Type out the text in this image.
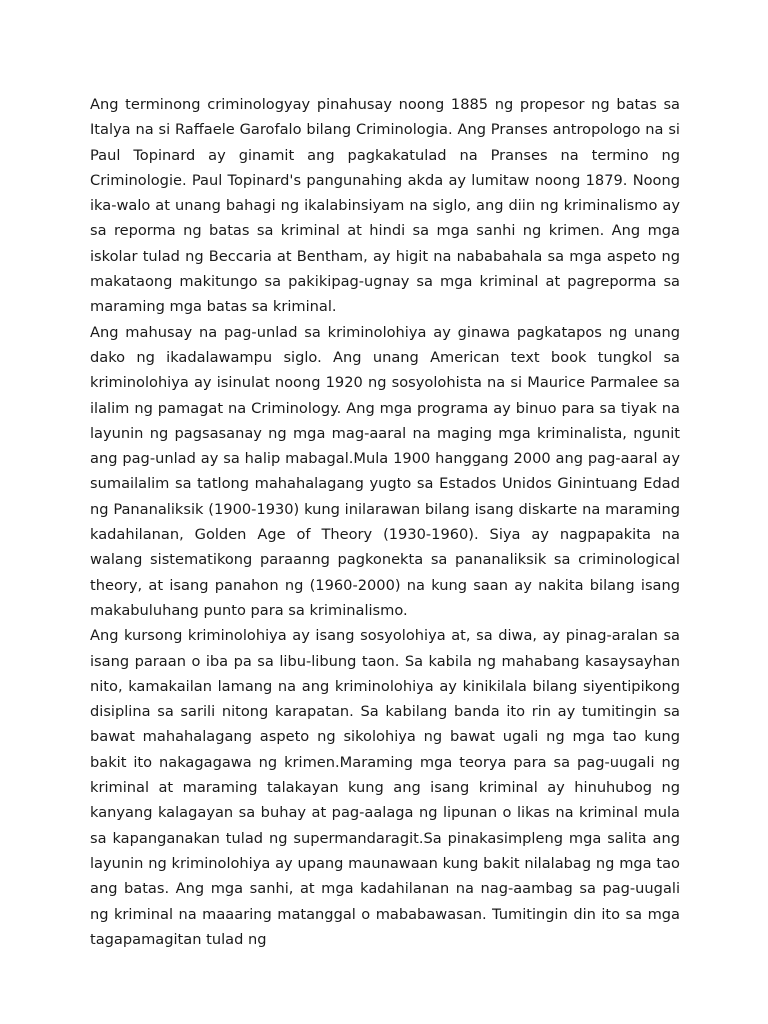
Ang terminong criminologyay pinahusay noong 1885 ng propesor ng batas sa Italya na si Raffaele Garofalo bilang Criminologia. Ang Pranses antropologo na si Paul Topinard ay ginamit ang pagkakatulad na Pranses na termino ng Criminologie. Paul Topinard's pangunahing akda ay lumitaw noong 1879. Noong ika-walo at unang bahagi ng ikalabinsiyam na siglo, ang diin ng kriminalismo ay sa reporma ng batas sa kriminal at hindi sa mga sanhi ng krimen. Ang mga iskolar tulad ng Beccaria at Bentham, ay higit na nababahala sa mga aspeto ng makataong makitungo sa pakikipag-ugnay sa mga kriminal at pagreporma sa maraming mga batas sa kriminal.

Ang mahusay na pag-unlad sa kriminolohiya ay ginawa pagkatapos ng unang dako ng ikadalawampu siglo. Ang unang American text book tungkol sa kriminolohiya ay isinulat noong 1920 ng sosyolohista na si Maurice Parmalee sa ilalim ng pamagat na Criminology. Ang mga programa ay binuo para sa tiyak na layunin ng pagsasanay ng mga mag-aaral na maging mga kriminalista, ngunit ang pag-unlad ay sa halip mabagal.Mula 1900 hanggang 2000 ang pag-aaral ay sumailalim sa tatlong mahahalagang yugto sa Estados Unidos Ginintuang Edad ng Pananaliksik (1900-1930) kung inilarawan bilang isang diskarte na maraming kadahilanan, Golden Age of Theory (1930-1960). Siya ay nagpapakita na walang sistematikong paraanng pagkonekta sa pananaliksik sa criminological theory, at isang panahon ng (1960-2000) na kung saan ay nakita bilang isang makabuluhang punto para sa kriminalismo.

Ang kursong kriminolohiya ay isang sosyolohiya at, sa diwa, ay pinag-aralan sa isang paraan o iba pa sa libu-libung taon. Sa kabila ng mahabang kasaysayhan nito, kamakailan lamang na ang kriminolohiya ay kinikilala bilang siyentipikong disiplina sa sarili nitong karapatan. Sa kabilang banda ito rin ay tumitingin sa bawat mahahalagang aspeto ng sikolohiya ng bawat ugali ng mga tao kung bakit ito nakagagawa ng krimen.Maraming mga teorya para sa pag-uugali ng kriminal at maraming talakayan kung ang isang kriminal ay hinuhubog ng kanyang kalagayan sa buhay at pag-aalaga ng lipunan o likas na kriminal mula sa kapanganakan tulad ng supermandaragit.Sa pinakasimpleng mga salita ang layunin ng kriminolohiya ay upang maunawaan kung bakit nilalabag ng mga tao ang batas. Ang mga sanhi, at mga kadahilanan na nag-aambag sa pag-uugali ng kriminal na maaaring matanggal o mababawasan. Tumitingin din ito sa mga tagapamagitan tulad ng
